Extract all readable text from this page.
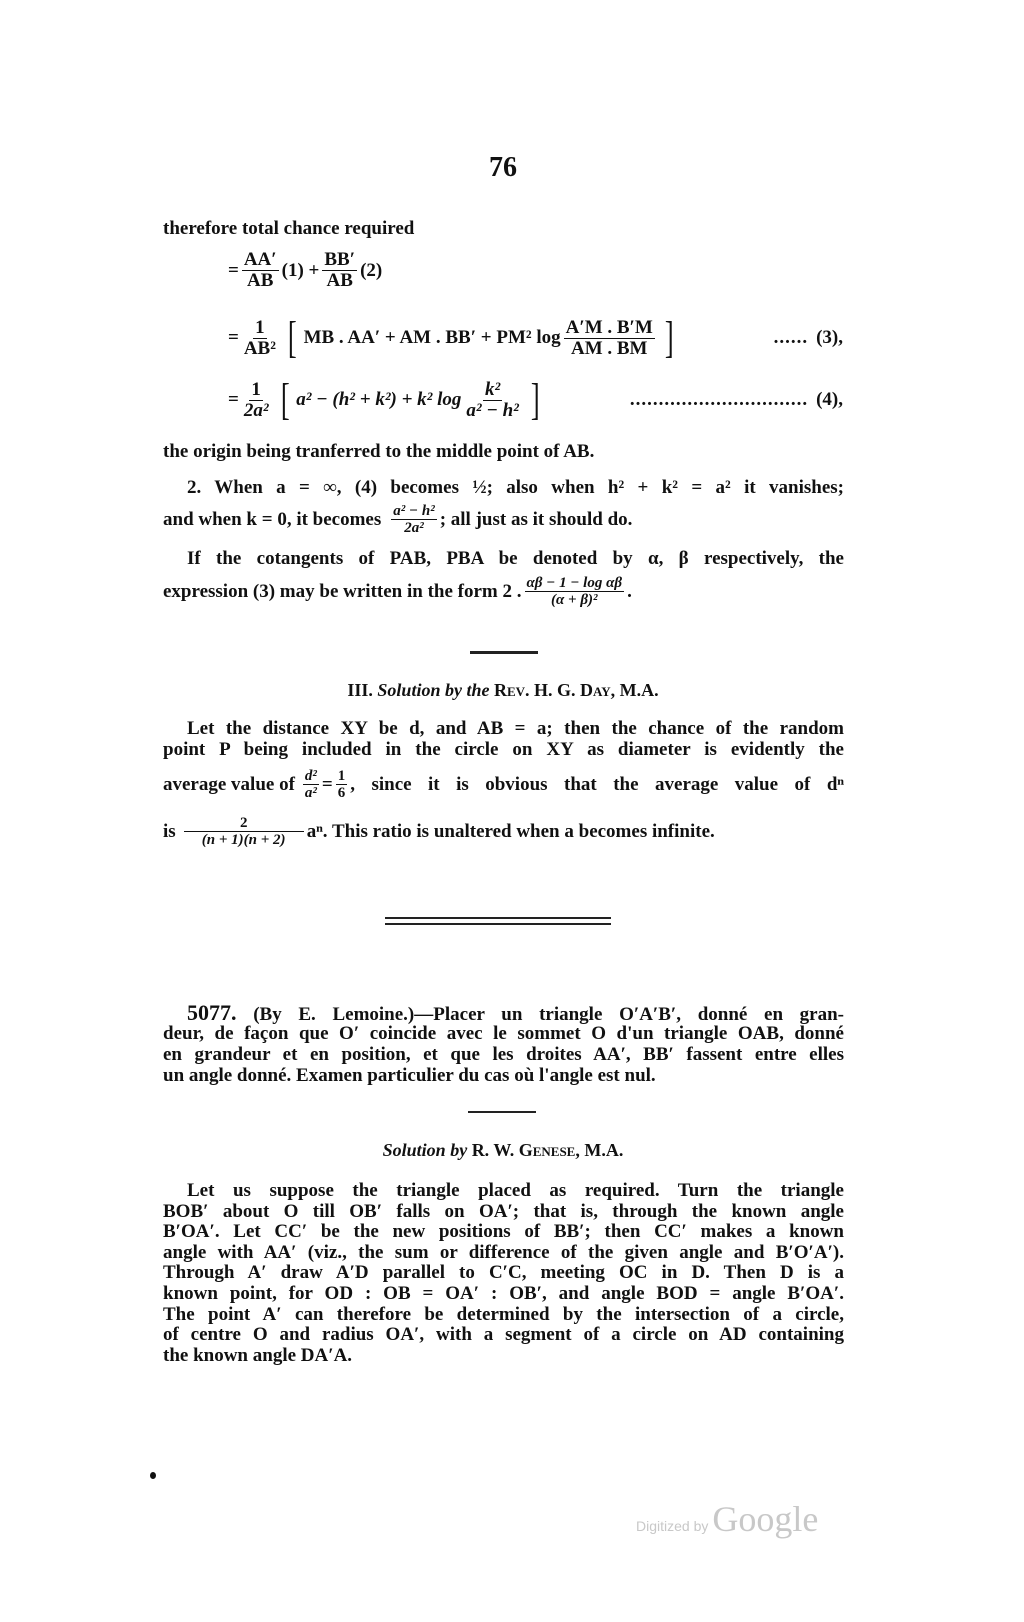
76
therefore total chance required
= $\frac{AA'}{AB} (1) + \frac{BB'}{AB} (2)$
= $\frac{1}{\text{AB²}}$ [ MB . AA′ + AM . BB′ + PM² $\log \frac{A'M . B'M}{AM . BM}$ ]	...... (3),
= $\frac{1}{\text{2a²}}$ [ a² − (h² + k²) + k² $\log \frac{\text{k²}}{\text{a² − h²}}$ ]	............................... (4),
the origin being tranferred to the middle point of AB.
2. When a = ∞, (4) becomes ½; also when h² + k² = a² it vanishes;
and when k = 0, it becomes $\frac{\text{a² − h²}}{\text{2a²}}$ ; all just as it should do.
If the cotangents of PAB, PBA be denoted by α, β respectively, the
expression (3) may be written in the form 2 . $\frac{\text{αβ − 1 − log αβ}}{\text{(α + β)²}}$ .
III. Solution by the Rev. H. G. Day, M.A.
Let the distance XY be d, and AB = a; then the chance of the random
point P being included in the circle on XY as diameter is evidently the
average value of $\frac{\text{d²}}{\text{a²}} = \frac{1}{6}$ , since it is obvious that the average value of dⁿ
is $\frac{2}{(n + 1)(n + 2)} a^n$. This ratio is unaltered when a becomes infinite.
5077. (By E. Lemoine.)—Placer un triangle O′A′B′, donné en gran-
deur, de façon que O′ coincide avec le sommet O d'un triangle OAB, donné
en grandeur et en position, et que les droites AA′, BB′ fassent entre elles
un angle donné. Examen particulier du cas où l'angle est nul.
Solution by R. W. Genese, M.A.
Let us suppose the triangle placed as required. Turn the triangle
BOB′ about O till OB′ falls on OA′; that is, through the known angle
B′OA′. Let CC′ be the new positions of BB′; then CC′ makes a known
angle with AA′ (viz., the sum or difference of the given angle and B′O′A′).
Through A′ draw A′D parallel to C′C, meeting OC in D. Then D is a
known point, for OD : OB = OA′ : OB′, and angle BOD = angle B′OA′.
The point A′ can therefore be determined by the intersection of a circle,
of centre O and radius OA′, with a segment of a circle on AD containing
the known angle DA′A.
Digitized by Google
